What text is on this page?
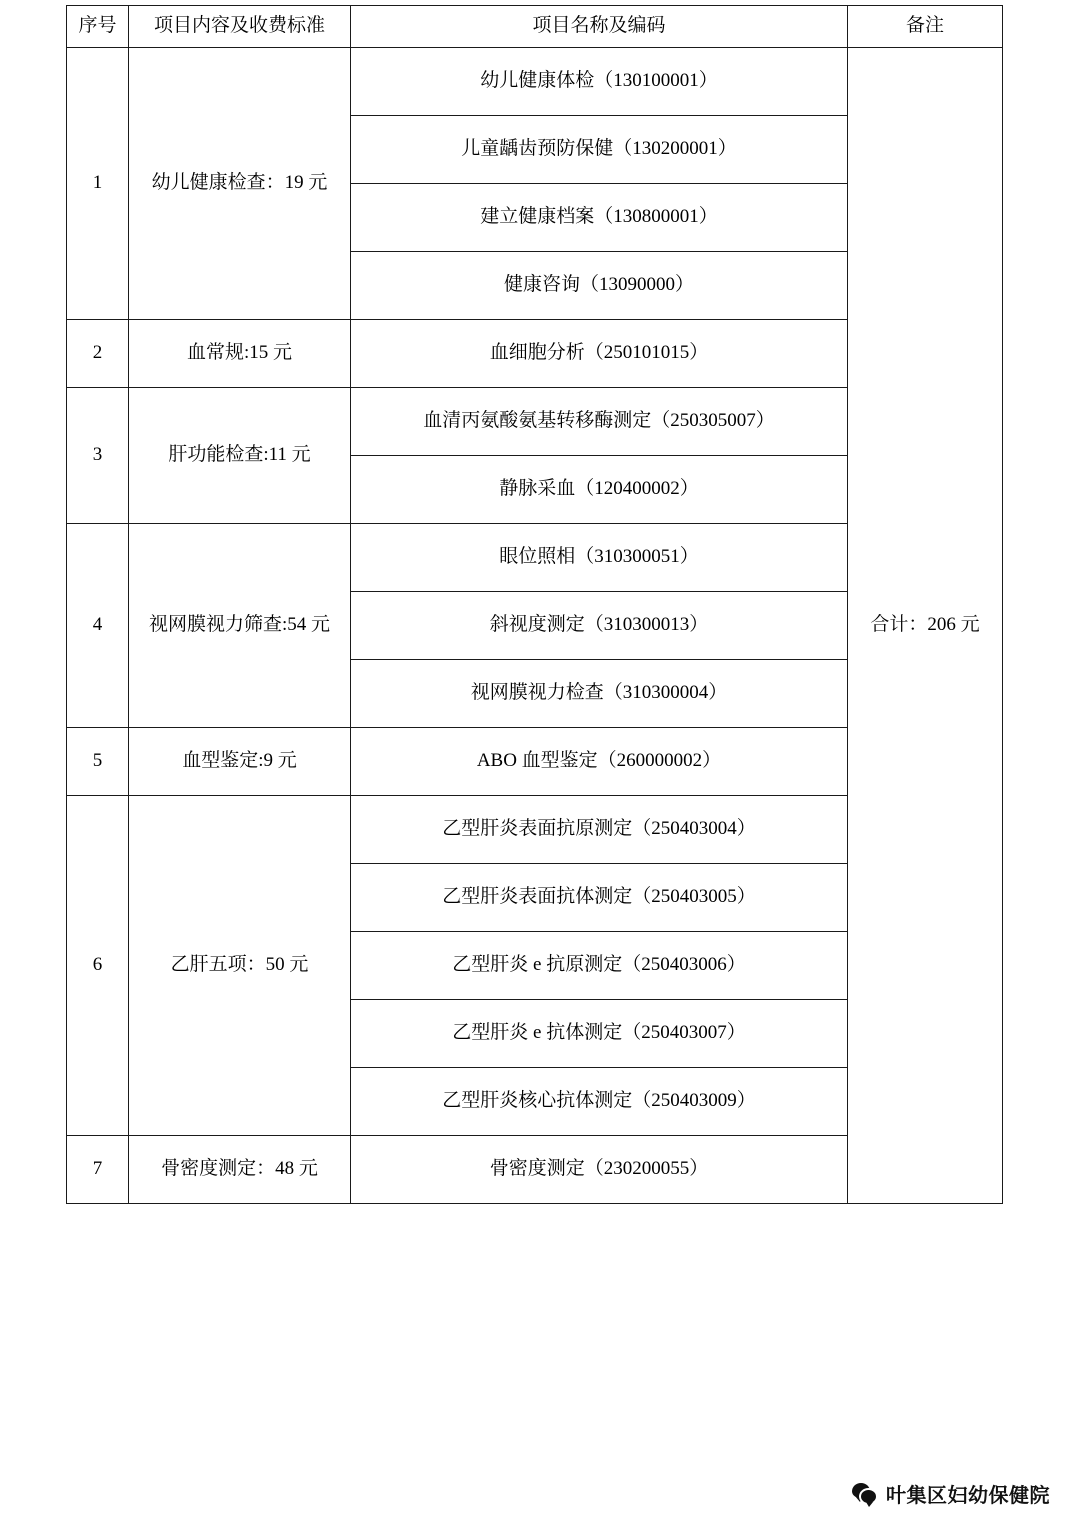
序号	项目内容及收费标准	项目名称及编码	备注
1	幼儿健康检查：19 元	幼儿健康体检（130100001）	合计：206 元
		儿童龋齿预防保健（130200001）	
		建立健康档案（130800001）	
		健康咨询（13090000）	
2	血常规:15 元	血细胞分析（250101015）	
3	肝功能检查:11 元	血清丙氨酸氨基转移酶测定（250305007）	
		静脉采血（120400002）	
4	视网膜视力筛查:54 元	眼位照相（310300051）	
		斜视度测定（310300013）	
		视网膜视力检查（310300004）	
5	血型鉴定:9 元	ABO 血型鉴定（260000002）	
6	乙肝五项：50 元	乙型肝炎表面抗原测定（250403004）	
		乙型肝炎表面抗体测定（250403005）	
		乙型肝炎 e 抗原测定（250403006）	
		乙型肝炎 e 抗体测定（250403007）	
		乙型肝炎核心抗体测定（250403009）	
7	骨密度测定：48 元	骨密度测定（230200055）	
叶集区妇幼保健院
